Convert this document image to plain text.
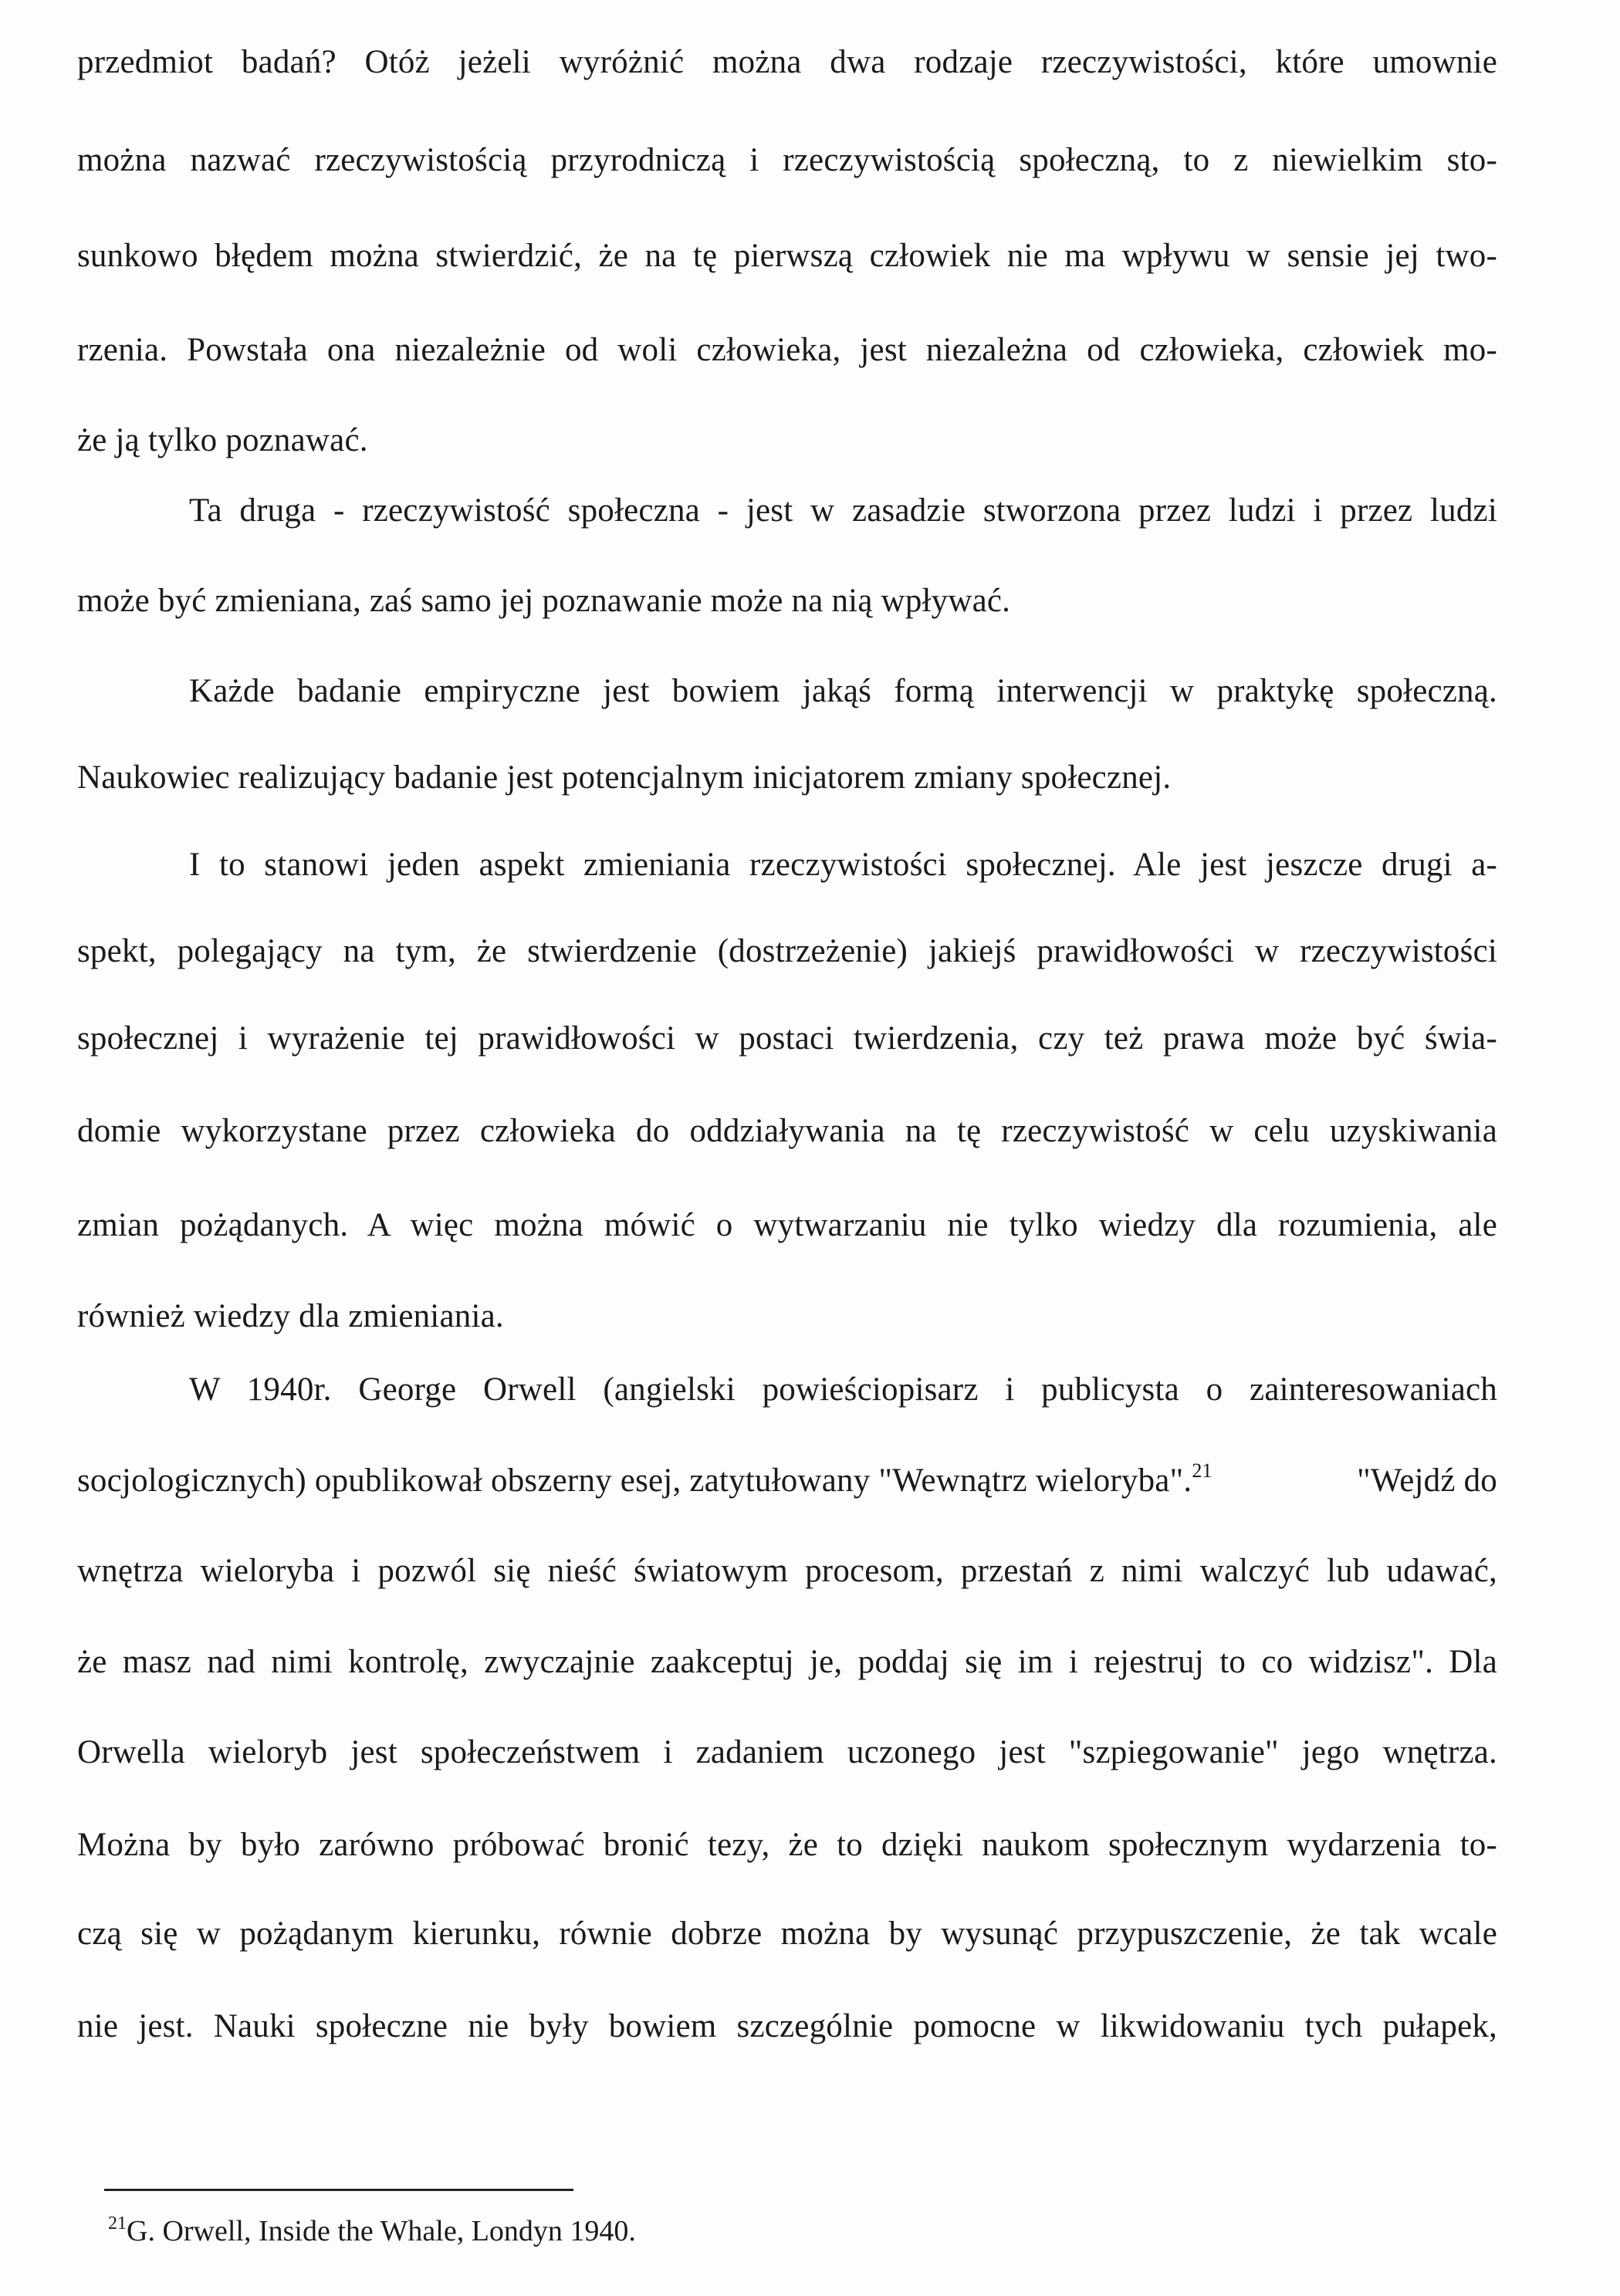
przedmiot badań? Otóż jeżeli wyróżnić można dwa rodzaje rzeczywistości, które umownie
można nazwać rzeczywistością przyrodniczą i rzeczywistością społeczną, to z niewielkim sto-
sunkowo błędem można stwierdzić, że na tę pierwszą człowiek nie ma wpływu w sensie jej two-
rzenia. Powstała ona niezależnie od woli człowieka, jest niezależna od człowieka, człowiek mo-
że ją tylko poznawać.
Ta druga - rzeczywistość społeczna - jest w zasadzie stworzona przez ludzi i przez ludzi
może być zmieniana, zaś samo jej poznawanie może na nią wpływać.
Każde badanie empiryczne jest bowiem jakąś formą interwencji w praktykę społeczną.
Naukowiec realizujący badanie jest potencjalnym inicjatorem zmiany społecznej.
I to stanowi jeden aspekt zmieniania rzeczywistości społecznej. Ale jest jeszcze drugi a-
spekt, polegający na tym, że stwierdzenie (dostrzeżenie) jakiejś prawidłowości w rzeczywistości
społecznej i wyrażenie tej prawidłowości w postaci twierdzenia, czy też prawa może być świa-
domie wykorzystane przez człowieka do oddziaływania na tę rzeczywistość w celu uzyskiwania
zmian pożądanych. A więc można mówić o wytwarzaniu nie tylko wiedzy dla rozumienia, ale
również wiedzy dla zmieniania.
W 1940r. George Orwell (angielski powieściopisarz i publicysta o zainteresowaniach
socjologicznych) opublikował obszerny esej, zatytułowany "Wewnątrz wieloryba".$^{21}$	"Wejdź do
wnętrza wieloryba i pozwól się nieść światowym procesom, przestań z nimi walczyć lub udawać,
że masz nad nimi kontrolę, zwyczajnie zaakceptuj je, poddaj się im i rejestruj to co widzisz". Dla
Orwella wieloryb jest społeczeństwem i zadaniem uczonego jest "szpiegowanie" jego wnętrza.
Można by było zarówno próbować bronić tezy, że to dzięki naukom społecznym wydarzenia to-
czą się w pożądanym kierunku, równie dobrze można by wysunąć przypuszczenie, że tak wcale
nie jest. Nauki społeczne nie były bowiem szczególnie pomocne w likwidowaniu tych pułapek,
$^{21}$G. Orwell, Inside the Whale, Londyn 1940.
